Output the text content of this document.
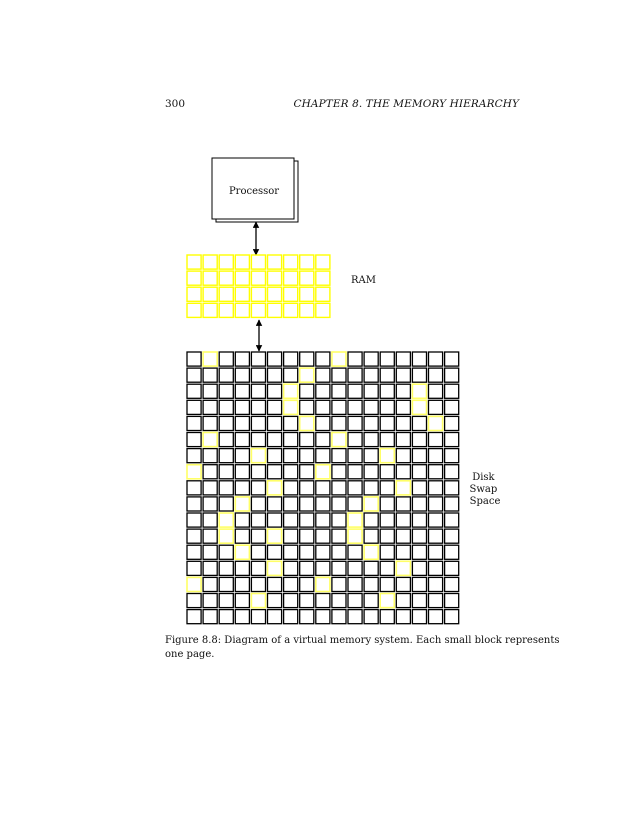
300	CHAPTER 8. THE MEMORY HIERARCHY
Processor
RAM
Disk Swap Space
Figure 8.8: Diagram of a virtual memory system. Each small block represents
one page.
